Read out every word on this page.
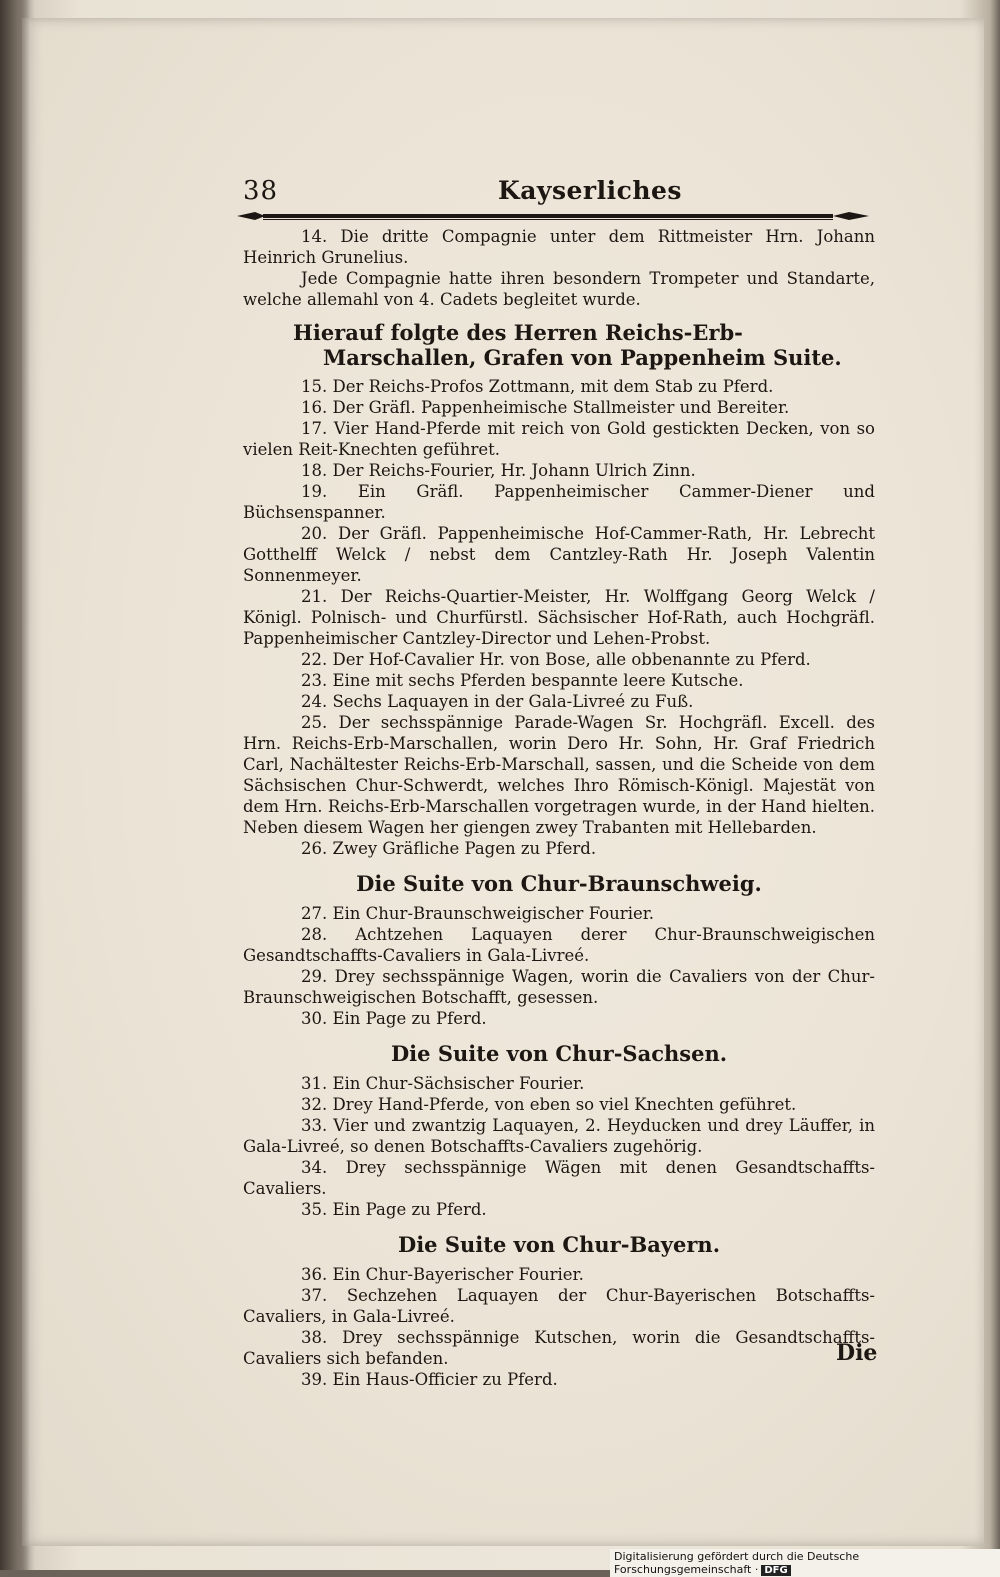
38	Kayserliches

14. Die dritte Compagnie unter dem Rittmeister Hrn. Johann Heinrich Grunelius.

Jede Compagnie hatte ihren besondern Trompeter und Standarte, welche allemahl von 4. Cadets begleitet wurde.

Hierauf folgte des Herren Reichs-Erb-Marschallen, Grafen von Pappenheim Suite.

15. Der Reichs-Profos Zottmann, mit dem Stab zu Pferd.

16. Der Gräfl. Pappenheimische Stallmeister und Bereiter.

17. Vier Hand-Pferde mit reich von Gold gestickten Decken, von so vielen Reit-Knechten geführet.

18. Der Reichs-Fourier, Hr. Johann Ulrich Zinn.

19. Ein Gräfl. Pappenheimischer Cammer-Diener und Büchsenspanner.

20. Der Gräfl. Pappenheimische Hof-Cammer-Rath, Hr. Lebrecht Gotthelff Welck / nebst dem Cantzley-Rath Hr. Joseph Valentin Sonnenmeyer.

21. Der Reichs-Quartier-Meister, Hr. Wolffgang Georg Welck / Königl. Polnisch- und Churfürstl. Sächsischer Hof-Rath, auch Hochgräfl. Pappenheimischer Cantzley-Director und Lehen-Probst.

22. Der Hof-Cavalier Hr. von Bose, alle obbenannte zu Pferd.

23. Eine mit sechs Pferden bespannte leere Kutsche.

24. Sechs Laquayen in der Gala-Livreé zu Fuß.

25. Der sechsspännige Parade-Wagen Sr. Hochgräfl. Excell. des Hrn. Reichs-Erb-Marschallen, worin Dero Hr. Sohn, Hr. Graf Friedrich Carl, Nachältester Reichs-Erb-Marschall, sassen, und die Scheide von dem Sächsischen Chur-Schwerdt, welches Ihro Römisch-Königl. Majestät von dem Hrn. Reichs-Erb-Marschallen vorgetragen wurde, in der Hand hielten. Neben diesem Wagen her giengen zwey Trabanten mit Hellebarden.

26. Zwey Gräfliche Pagen zu Pferd.

Die Suite von Chur-Braunschweig.

27. Ein Chur-Braunschweigischer Fourier.

28. Achtzehen Laquayen derer Chur-Braunschweigischen Gesandtschaffts-Cavaliers in Gala-Livreé.

29. Drey sechsspännige Wagen, worin die Cavaliers von der Chur-Braunschweigischen Botschafft, gesessen.

30. Ein Page zu Pferd.

Die Suite von Chur-Sachsen.

31. Ein Chur-Sächsischer Fourier.

32. Drey Hand-Pferde, von eben so viel Knechten geführet.

33. Vier und zwantzig Laquayen, 2. Heyducken und drey Läuffer, in Gala-Livreé, so denen Botschaffts-Cavaliers zugehörig.

34. Drey sechsspännige Wägen mit denen Gesandtschaffts-Cavaliers.

35. Ein Page zu Pferd.

Die Suite von Chur-Bayern.

36. Ein Chur-Bayerischer Fourier.

37. Sechzehen Laquayen der Chur-Bayerischen Botschaffts-Cavaliers, in Gala-Livreé.

38. Drey sechsspännige Kutschen, worin die Gesandtschaffts-Cavaliers sich befanden.

39. Ein Haus-Officier zu Pferd.

Die
Digitalisierung gefördert durch die Deutsche Forschungsgemeinschaft · DFG
